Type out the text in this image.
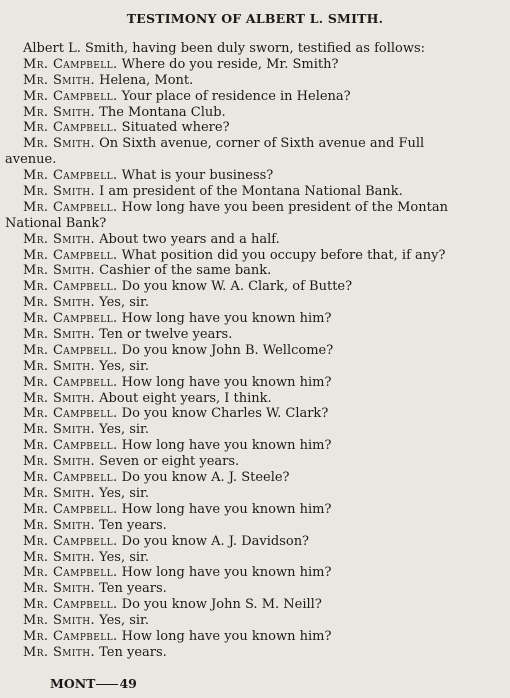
TESTIMONY OF ALBERT L. SMITH.
Albert L. Smith, having been duly sworn, testified as follows:
Mr. Campbell. Where do you reside, Mr. Smith?
Mr. Smith. Helena, Mont.
Mr. Campbell. Your place of residence in Helena?
Mr. Smith. The Montana Club.
Mr. Campbell. Situated where?
Mr. Smith. On Sixth avenue, corner of Sixth avenue and Full
avenue.
Mr. Campbell. What is your business?
Mr. Smith. I am president of the Montana National Bank.
Mr. Campbell. How long have you been president of the Montan
National Bank?
Mr. Smith. About two years and a half.
Mr. Campbell. What position did you occupy before that, if any?
Mr. Smith. Cashier of the same bank.
Mr. Campbell. Do you know W. A. Clark, of Butte?
Mr. Smith. Yes, sir.
Mr. Campbell. How long have you known him?
Mr. Smith. Ten or twelve years.
Mr. Campbell. Do you know John B. Wellcome?
Mr. Smith. Yes, sir.
Mr. Campbell. How long have you known him?
Mr. Smith. About eight years, I think.
Mr. Campbell. Do you know Charles W. Clark?
Mr. Smith. Yes, sir.
Mr. Campbell. How long have you known him?
Mr. Smith. Seven or eight years.
Mr. Campbell. Do you know A. J. Steele?
Mr. Smith. Yes, sir.
Mr. Campbell. How long have you known him?
Mr. Smith. Ten years.
Mr. Campbell. Do you know A. J. Davidson?
Mr. Smith. Yes, sir.
Mr. Campbell. How long have you known him?
Mr. Smith. Ten years.
Mr. Campbell. Do you know John S. M. Neill?
Mr. Smith. Yes, sir.
Mr. Campbell. How long have you known him?
Mr. Smith. Ten years.
MONT 49
